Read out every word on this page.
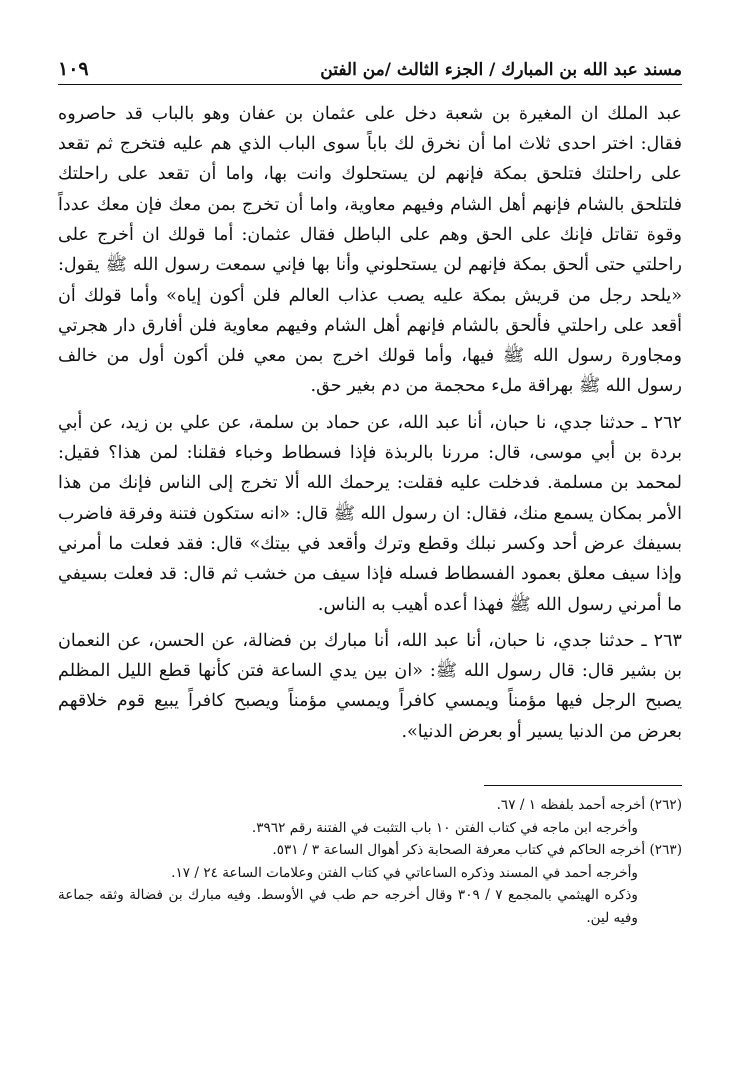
مسند عبد الله بن المبارك / الجزء الثالث /من الفتن
١٠٩

عبد الملك ان المغيرة بن شعبة دخل على عثمان بن عفان وهو بالباب قد حاصروه فقال: اختر احدى ثلاث اما أن نخرق لك باباً سوى الباب الذي هم عليه فتخرج ثم تقعد على راحلتك فتلحق بمكة فإنهم لن يستحلوك وانت بها، واما أن تقعد على راحلتك فلتلحق بالشام فإنهم أهل الشام وفيهم معاوية، واما أن تخرج بمن معك فإن معك عدداً وقوة تقاتل فإنك على الحق وهم على الباطل فقال عثمان: أما قولك ان أخرج على راحلتي حتى ألحق بمكة فإنهم لن يستحلوني وأنا بها فإني سمعت رسول الله ﷺ يقول: «يلحد رجل من قريش بمكة عليه يصب عذاب العالم فلن أكون إياه» وأما قولك أن أقعد على راحلتي فألحق بالشام فإنهم أهل الشام وفيهم معاوية فلن أفارق دار هجرتي ومجاورة رسول الله ﷺ فيها، وأما قولك اخرج بمن معي فلن أكون أول من خالف رسول الله ﷺ بهراقة ملء محجمة من دم بغير حق.

٢٦٢ ـ حدثنا جدي، نا حبان، أنا عبد الله، عن حماد بن سلمة، عن علي بن زيد، عن أبي بردة بن أبي موسى، قال: مررنا بالربذة فإذا فسطاط وخباء فقلنا: لمن هذا؟ فقيل: لمحمد بن مسلمة. فدخلت عليه فقلت: يرحمك الله ألا تخرج إلى الناس فإنك من هذا الأمر بمكان يسمع منك، فقال: ان رسول الله ﷺ قال: «انه ستكون فتنة وفرقة فاضرب بسيفك عرض أحد وكسر نبلك وقطع وترك وأقعد في بيتك» قال: فقد فعلت ما أمرني وإذا سيف معلق بعمود الفسطاط فسله فإذا سيف من خشب ثم قال: قد فعلت بسيفي ما أمرني رسول الله ﷺ فهذا أعده أهيب به الناس.

٢٦٣ ـ حدثنا جدي، نا حبان، أنا عبد الله، أنا مبارك بن فضالة، عن الحسن، عن النعمان بن بشير قال: قال رسول الله ﷺ: «ان بين يدي الساعة فتن كأنها قطع الليل المظلم يصبح الرجل فيها مؤمناً ويمسي كافراً ويمسي مؤمناً ويصبح كافراً يبيع قوم خلاقهم بعرض من الدنيا يسير أو بعرض الدنيا».

(٢٦٢) أخرجه أحمد بلفظه ١ / ٦٧.

وأخرجه ابن ماجه في كتاب الفتن ١٠ باب التثبت في الفتنة رقم ٣٩٦٢.

(٢٦٣) أخرجه الحاكم في كتاب معرفة الصحابة ذكر أهوال الساعة ٣ / ٥٣١.

وأخرجه أحمد في المسند وذكره الساعاتي في كتاب الفتن وعلامات الساعة ٢٤ / ١٧.

وذكره الهيثمي بالمجمع ٧ / ٣٠٩ وقال أخرجه حم طب في الأوسط. وفيه مبارك بن فضالة وثقه جماعة وفيه لين.
